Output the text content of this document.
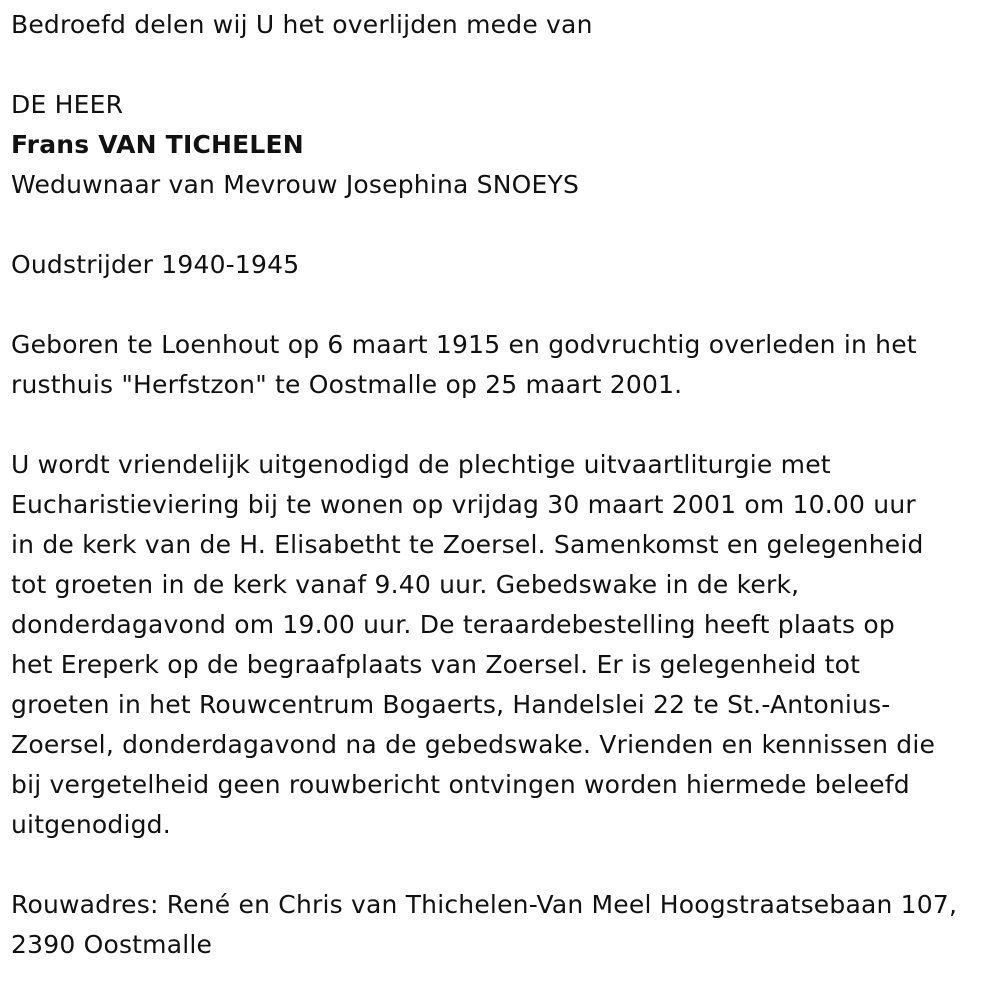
Bedroefd delen wij U het overlijden mede van

DE HEER

Frans VAN TICHELEN

Weduwnaar van Mevrouw Josephina SNOEYS

Oudstrijder 1940-1945

Geboren te Loenhout op 6 maart 1915 en godvruchtig overleden in het

rusthuis "Herfstzon" te Oostmalle op 25 maart 2001.

U wordt vriendelijk uitgenodigd de plechtige uitvaartliturgie met

Eucharistieviering bij te wonen op vrijdag 30 maart 2001 om 10.00 uur

in de kerk van de H. Elisabetht te Zoersel. Samenkomst en gelegenheid

tot groeten in de kerk vanaf 9.40 uur. Gebedswake in de kerk,

donderdagavond om 19.00 uur. De teraardebestelling heeft plaats op

het Ereperk op de begraafplaats van Zoersel. Er is gelegenheid tot

groeten in het Rouwcentrum Bogaerts, Handelslei 22 te St.-Antonius-

Zoersel, donderdagavond na de gebedswake. Vrienden en kennissen die

bij vergetelheid geen rouwbericht ontvingen worden hiermede beleefd

uitgenodigd.

Rouwadres: René en Chris van Thichelen-Van Meel Hoogstraatsebaan 107,

2390 Oostmalle
